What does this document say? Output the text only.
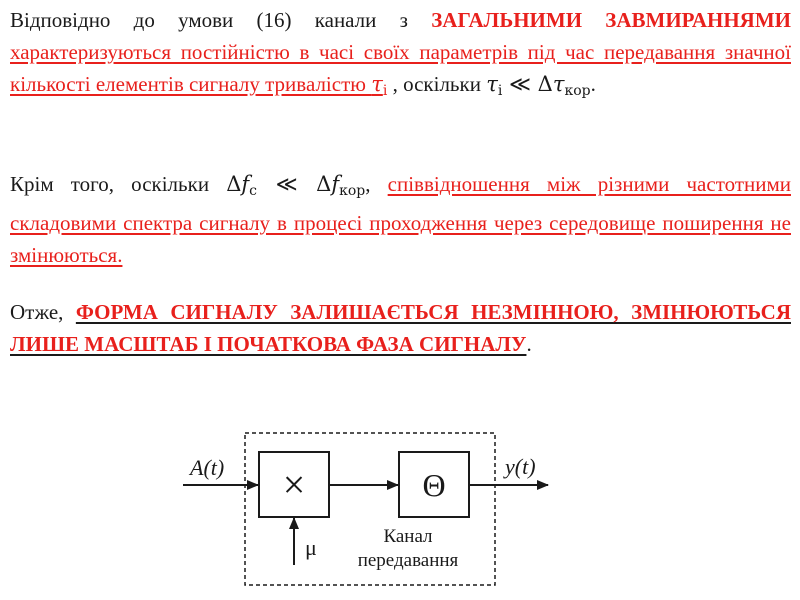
Відповідно до умови (16) канали з ЗАГАЛЬНИМИ ЗАВМИРАННЯМИ характеризуються постійністю в часі своїх параметрів під час передавання значної кількості елементів сигналу тривалістю $\tau_i$ , оскільки $\tau_i$ ≪ $\Delta\tau_{кор}$.

Крім того, оскільки $\Delta f_с$ ≪ $\Delta f_{кор}$, співвідношення між різними частотними складовими спектра сигналу в процесі проходження через середовище поширення не змінюються.

Отже, ФОРМА СИГНАЛУ ЗАЛИШАЄТЬСЯ НЕЗМІННОЮ, ЗМІНЮЮТЬСЯ ЛИШЕ МАСШТАБ І ПОЧАТКОВА ФАЗА СИГНАЛУ.

A(t) ×	Θ
y(t)
μ	Канал
передавання
